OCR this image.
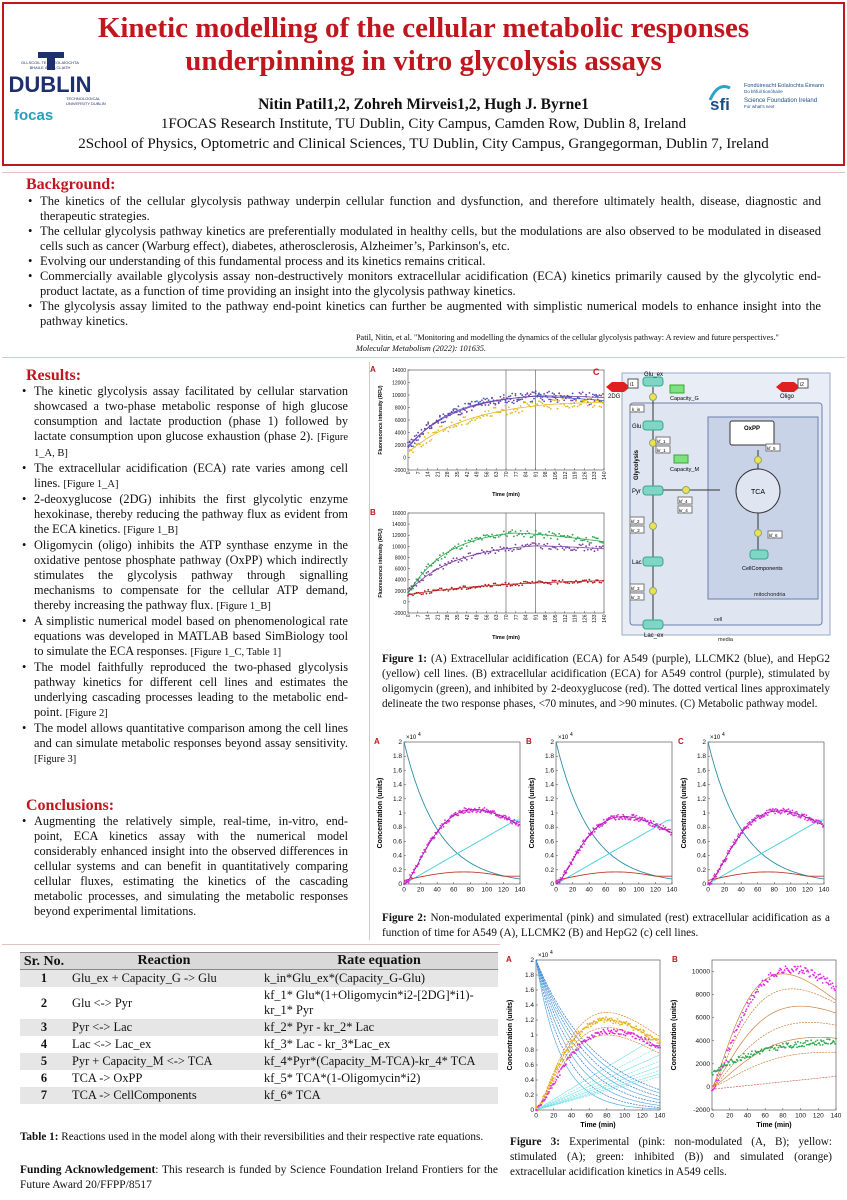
OLLSCOIL TEICNEOLAÍOCHTA
BHAILE ÁTHA CLIATH
DUBLIN
TECHNOLOGICAL
UNIVERSITY DUBLIN
focas
sfi
Fondúireacht Eolaíochta Éireann
Do bhfuil tionóhaire
Science Foundation Ireland
For what's next
Kinetic modelling of the cellular metabolic responses underpinning in vitro glycolysis assays
Nitin Patil1,2, Zohreh Mirveis1,2, Hugh J. Byrne1
1FOCAS Research Institute, TU Dublin, City Campus, Camden Row, Dublin 8, Ireland
2School of Physics, Optometric and Clinical Sciences, TU Dublin, City Campus, Grangegorman, Dublin 7, Ireland
Background:
• The kinetics of the cellular glycolysis pathway underpin cellular function and dysfunction, and therefore ultimately health, disease, diagnostic and therapeutic strategies.
• The cellular glycolysis pathway kinetics are preferentially modulated in healthy cells, but the modulations are also observed to be modulated in diseased cells such as cancer (Warburg effect), diabetes, atherosclerosis, Alzheimer’s, Parkinson's, etc.
• Evolving our understanding of this fundamental process and its kinetics remains critical.
• Commercially available glycolysis assay non-destructively monitors extracellular acidification (ECA) kinetics primarily caused by the glycolytic end-product lactate, as a function of time providing an insight into the glycolysis pathway kinetics.
• The glycolysis assay limited to the pathway end-point kinetics can further be augmented with simplistic numerical models to enhance insight into the pathway kinetics.
Patil, Nitin, et al. "Monitoring and modelling the dynamics of the cellular glycolysis pathway: A review and future perspectives."
Molecular Metabolism (2022): 101635.
Results:
• The kinetic glycolysis assay facilitated by cellular starvation showcased a two-phase metabolic response of high glucose consumption and lactate production (phase 1) followed by lactate consumption upon glucose exhaustion (phase 2). [Figure 1_A, B]
• The extracellular acidification (ECA) rate varies among cell lines. [Figure 1_A]
• 2-deoxyglucose (2DG) inhibits the first glycolytic enzyme hexokinase, thereby reducing the pathway flux as evident from the ECA kinetics. [Figure 1_B]
• Oligomycin (oligo) inhibits the ATP synthase enzyme in the oxidative pentose phosphate pathway (OxPP) which indirectly stimulates the glycolysis pathway through signalling mechanisms to compensate for the cellular ATP demand, thereby increasing the pathway flux. [Figure 1_B]
• A simplistic numerical model based on phenomenological rate equations was developed in MATLAB based SimBiology tool to simulate the ECA responses. [Figure 1_C, Table 1]
• The model faithfully reproduced the two-phased glycolysis pathway kinetics for different cell lines and estimates the underlying cascading processes leading to the metabolic end-point. [Figure 2]
• The model allows quantitative comparison among the cell lines and can simulate metabolic responses beyond assay sensitivity. [Figure 3]
Conclusions:
• Augmenting the relatively simple, real-time, in-vitro, end-point, ECA kinetics assay with the numerical model considerably enhanced insight into the observed differences in cellular systems and can benefit in quantitatively comparing cellular fluxes, estimating the kinetics of the cascading metabolic processes, and simulating the metabolic responses beyond experimental limitations.
A	14000
12000
10000
8000
6000
4000
2000
0
-2000 0 7 14 21 28 35 42 49 56 63 70 77 84 91 98 105 112 119 126 133 140
Fluorescence intensity (RFU)
Time (min)
B	16000
14000
12000
10000
8000
6000
4000
2000
0
-2000 0 7 14 21 28 35 42 49 56 63 70 77 84 91 98 105 112 119 126 133 140
Fluorescence intensity (RFU)
Time (min)
C
media
cell
mitochondria
i1
2DG
i2
Oligo
Glu_ex
Capacity_G
k_in
Glu
Glycolysis
kf_1
kr_1
Capacity_M
Pyr
kf_4
kr_4
TCA
OxPP
kf_5
kf_6
CellComponents
kf_2
kr_2
Lac
kf_3
kr_3
Lac_ex
Figure 1: (A) Extracellular acidification (ECA) for A549 (purple), LLCMK2 (blue), and HepG2 (yellow) cell lines. (B) extracellular acidification (ECA) for A549 control (purple), stimulated by oligomycin (green), and inhibited by 2-deoxyglucose (red). The dotted vertical lines approximately delineate the two response phases, <70 minutes, and >90 minutes. (C) Metabolic pathway model.
A	2
1.8
1.6
1.4
1.2
1
0.8
0.6
0.4
0.2
0
0 20 40 60 80 100 120 140
×10 4
Concentration (units)
B	2
1.8
1.6
1.4
1.2
1
0.8
0.6
0.4
0.2
0
0 20 40 60 80 100 120 140
×10 4
Concentration (units)
C	2
1.8
1.6
1.4
1.2
1
0.8
0.6
0.4
0.2
0
0 20 40 60 80 100 120 140
×10 4
Concentration (units)
Figure 2: Non-modulated experimental (pink) and simulated (rest) extracellular acidification as a function of time for A549 (A), LLCMK2 (B) and HepG2 (c) cell lines.
Sr. No.	Reaction	Rate equation
1	Glu_ex + Capacity_G -> Glu	k_in*Glu_ex*(Capacity_G-Glu)
2	Glu <-> Pyr	kf_1* Glu*(1+Oligomycin*i2-[2DG]*i1)-kr_1* Pyr
3	Pyr <-> Lac	kf_2* Pyr - kr_2* Lac
4	Lac <-> Lac_ex	kf_3* Lac - kr_3*Lac_ex
5	Pyr + Capacity_M <-> TCA	kf_4*Pyr*(Capacity_M-TCA)-kr_4* TCA
6	TCA -> OxPP	kf_5* TCA*(1-Oligomycin*i2)
7	TCA -> CellComponents	kf_6* TCA
Table 1: Reactions used in the model along with their reversibilities and their respective rate equations.
Funding Acknowledgement: This research is funded by Science Foundation Ireland Frontiers for the Future Award 20/FFPP/8517
A	2
1.8
1.6
1.4
1.2
1
0.8
0.6
0.4
0.2
0
0 20 40 60 80 100 120 140
×10 4
Concentration (units)
Time (min)
B
10000
8000
6000
4000
2000
0
-2000
0 20 40 60 80 100 120 140
Concentration (units)
Time (min)
Figure 3: Experimental (pink: non-modulated (A, B); yellow: stimulated (A); green: inhibited (B)) and simulated (orange) extracellular acidification kinetics in A549 cells.
